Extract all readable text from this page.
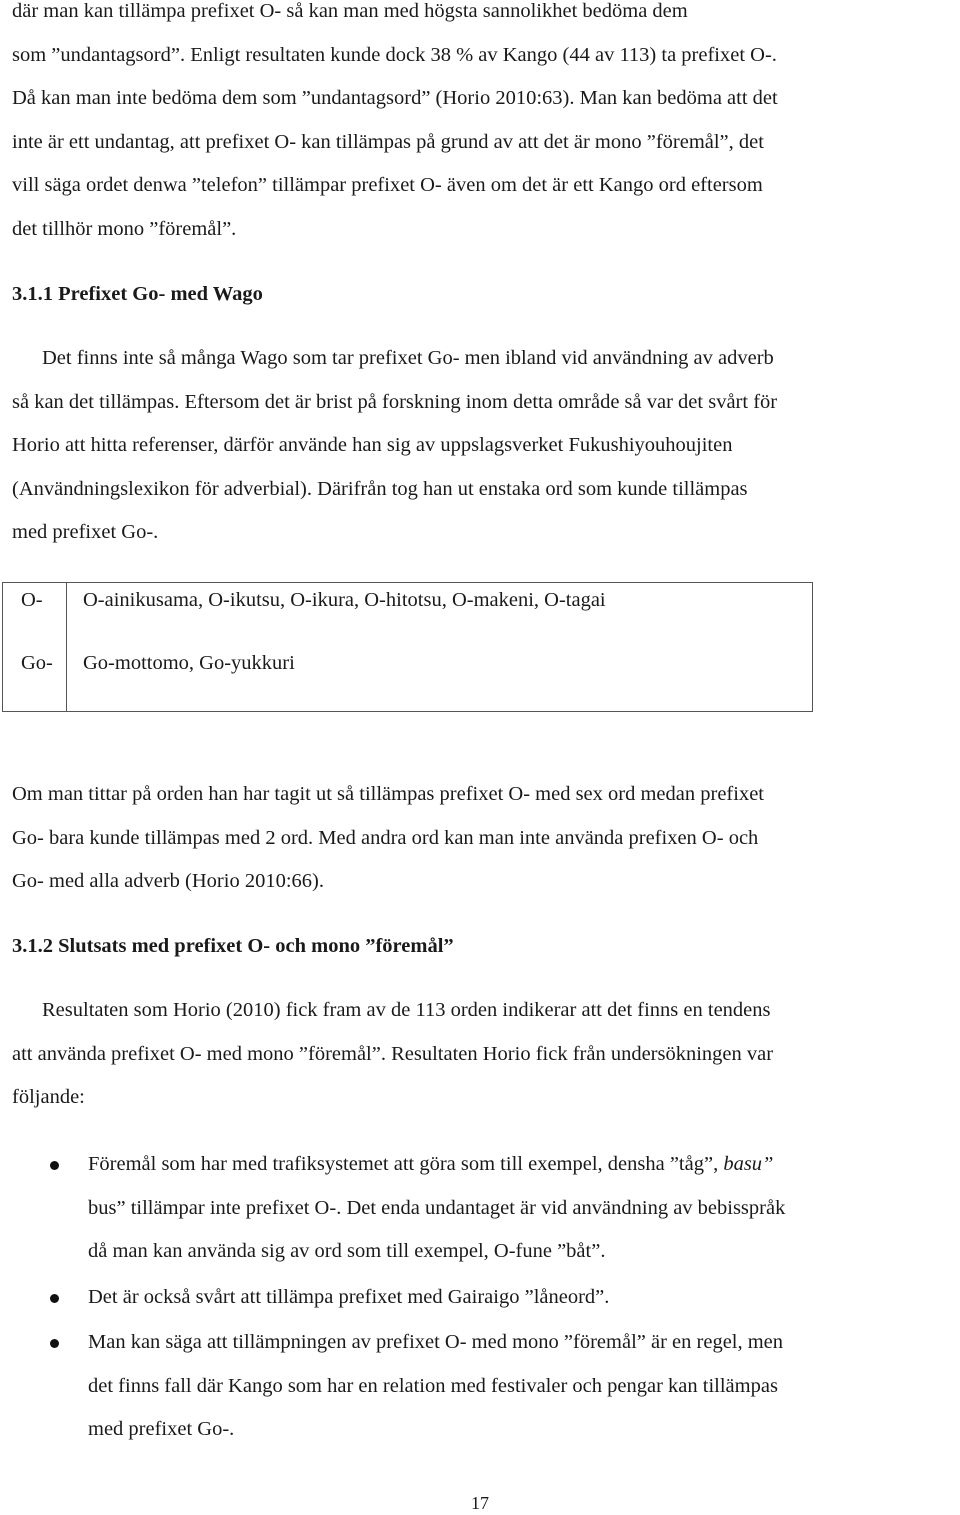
där man kan tillämpa prefixet O- så kan man med högsta sannolikhet bedöma dem
som ”undantagsord”. Enligt resultaten kunde dock 38 % av Kango (44 av 113) ta prefixet O-.
Då kan man inte bedöma dem som ”undantagsord” (Horio 2010:63). Man kan bedöma att det
inte är ett undantag, att prefixet O- kan tillämpas på grund av att det är mono ”föremål”, det
vill säga ordet denwa ”telefon” tillämpar prefixet O- även om det är ett Kango ord eftersom
det tillhör mono ”föremål”.
3.1.1 Prefixet Go- med Wago
Det finns inte så många Wago som tar prefixet Go- men ibland vid användning av adverb
så kan det tillämpas. Eftersom det är brist på forskning inom detta område så var det svårt för
Horio att hitta referenser, därför använde han sig av uppslagsverket Fukushiyouhoujiten
(Användningslexikon för adverbial). Därifrån tog han ut enstaka ord som kunde tillämpas
med prefixet Go-.
O- O-ainikusama, O-ikutsu, O-ikura, O-hitotsu, O-makeni, O-tagai
Go- Go-mottomo, Go-yukkuri
Om man tittar på orden han har tagit ut så tillämpas prefixet O- med sex ord medan prefixet
Go- bara kunde tillämpas med 2 ord. Med andra ord kan man inte använda prefixen O- och
Go- med alla adverb (Horio 2010:66).
3.1.2 Slutsats med prefixet O- och mono ”föremål”
Resultaten som Horio (2010) fick fram av de 113 orden indikerar att det finns en tendens
att använda prefixet O- med mono ”föremål”. Resultaten Horio fick från undersökningen var
följande:
Föremål som har med trafiksystemet att göra som till exempel, densha ”tåg”, basu”
bus” tillämpar inte prefixet O-. Det enda undantaget är vid användning av bebisspråk
då man kan använda sig av ord som till exempel, O-fune ”båt”.
Det är också svårt att tillämpa prefixet med Gairaigo ”låneord”.
Man kan säga att tillämpningen av prefixet O- med mono ”föremål” är en regel, men
det finns fall där Kango som har en relation med festivaler och pengar kan tillämpas
med prefixet Go-.
17
